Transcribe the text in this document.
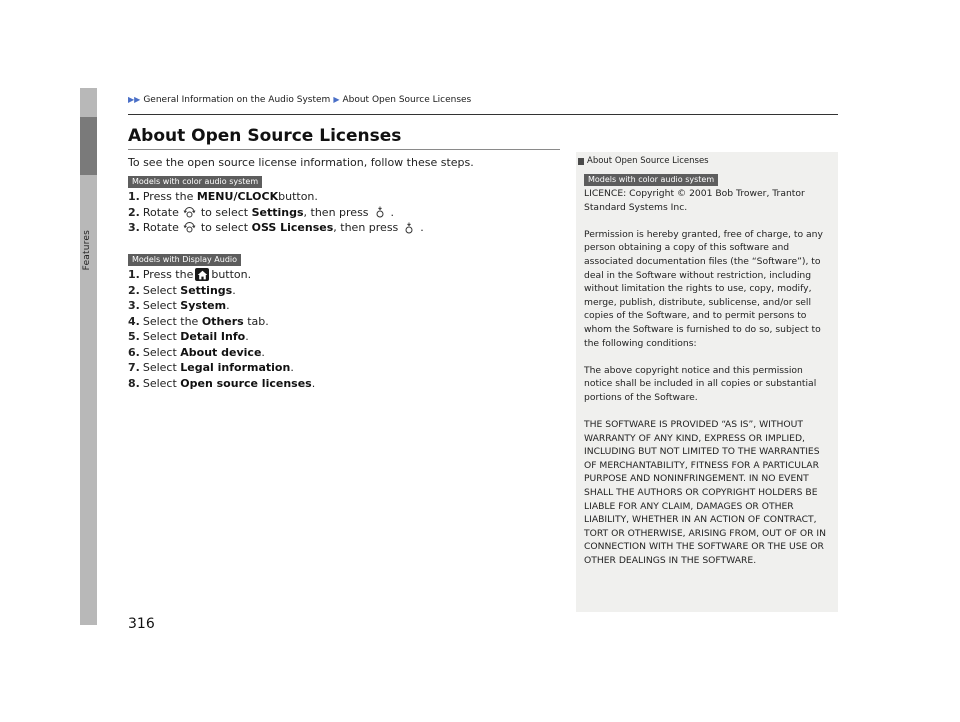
Features
▶▶ General Information on the Audio System ▶ About Open Source Licenses
About Open Source Licenses
To see the open source license information, follow these steps.
Models with color audio system
1. Press the MENU/CLOCK button.
2. Rotate to select Settings , then press .
3. Rotate to select OSS Licenses , then press .
Models with Display Audio
1. Press the button.
2. Select Settings .
3. Select System .
4. Select the Others tab.
5. Select Detail Info .
6. Select About device .
7. Select Legal information .
8. Select Open source licenses .
About Open Source Licenses
Models with color audio system

LICENCE: Copyright © 2001 Bob Trower, Trantor Standard Systems Inc.

Permission is hereby granted, free of charge, to any person obtaining a copy of this software and associated documentation files (the “Software”), to deal in the Software without restriction, including without limitation the rights to use, copy, modify, merge, publish, distribute, sublicense, and/or sell copies of the Software, and to permit persons to whom the Software is furnished to do so, subject to the following conditions:

The above copyright notice and this permission notice shall be included in all copies or substantial portions of the Software.

THE SOFTWARE IS PROVIDED “AS IS”, WITHOUT WARRANTY OF ANY KIND, EXPRESS OR IMPLIED, INCLUDING BUT NOT LIMITED TO THE WARRANTIES OF MERCHANTABILITY, FITNESS FOR A PARTICULAR PURPOSE AND NONINFRINGEMENT. IN NO EVENT SHALL THE AUTHORS OR COPYRIGHT HOLDERS BE LIABLE FOR ANY CLAIM, DAMAGES OR OTHER LIABILITY, WHETHER IN AN ACTION OF CONTRACT, TORT OR OTHERWISE, ARISING FROM, OUT OF OR IN CONNECTION WITH THE SOFTWARE OR THE USE OR OTHER DEALINGS IN THE SOFTWARE.

316
